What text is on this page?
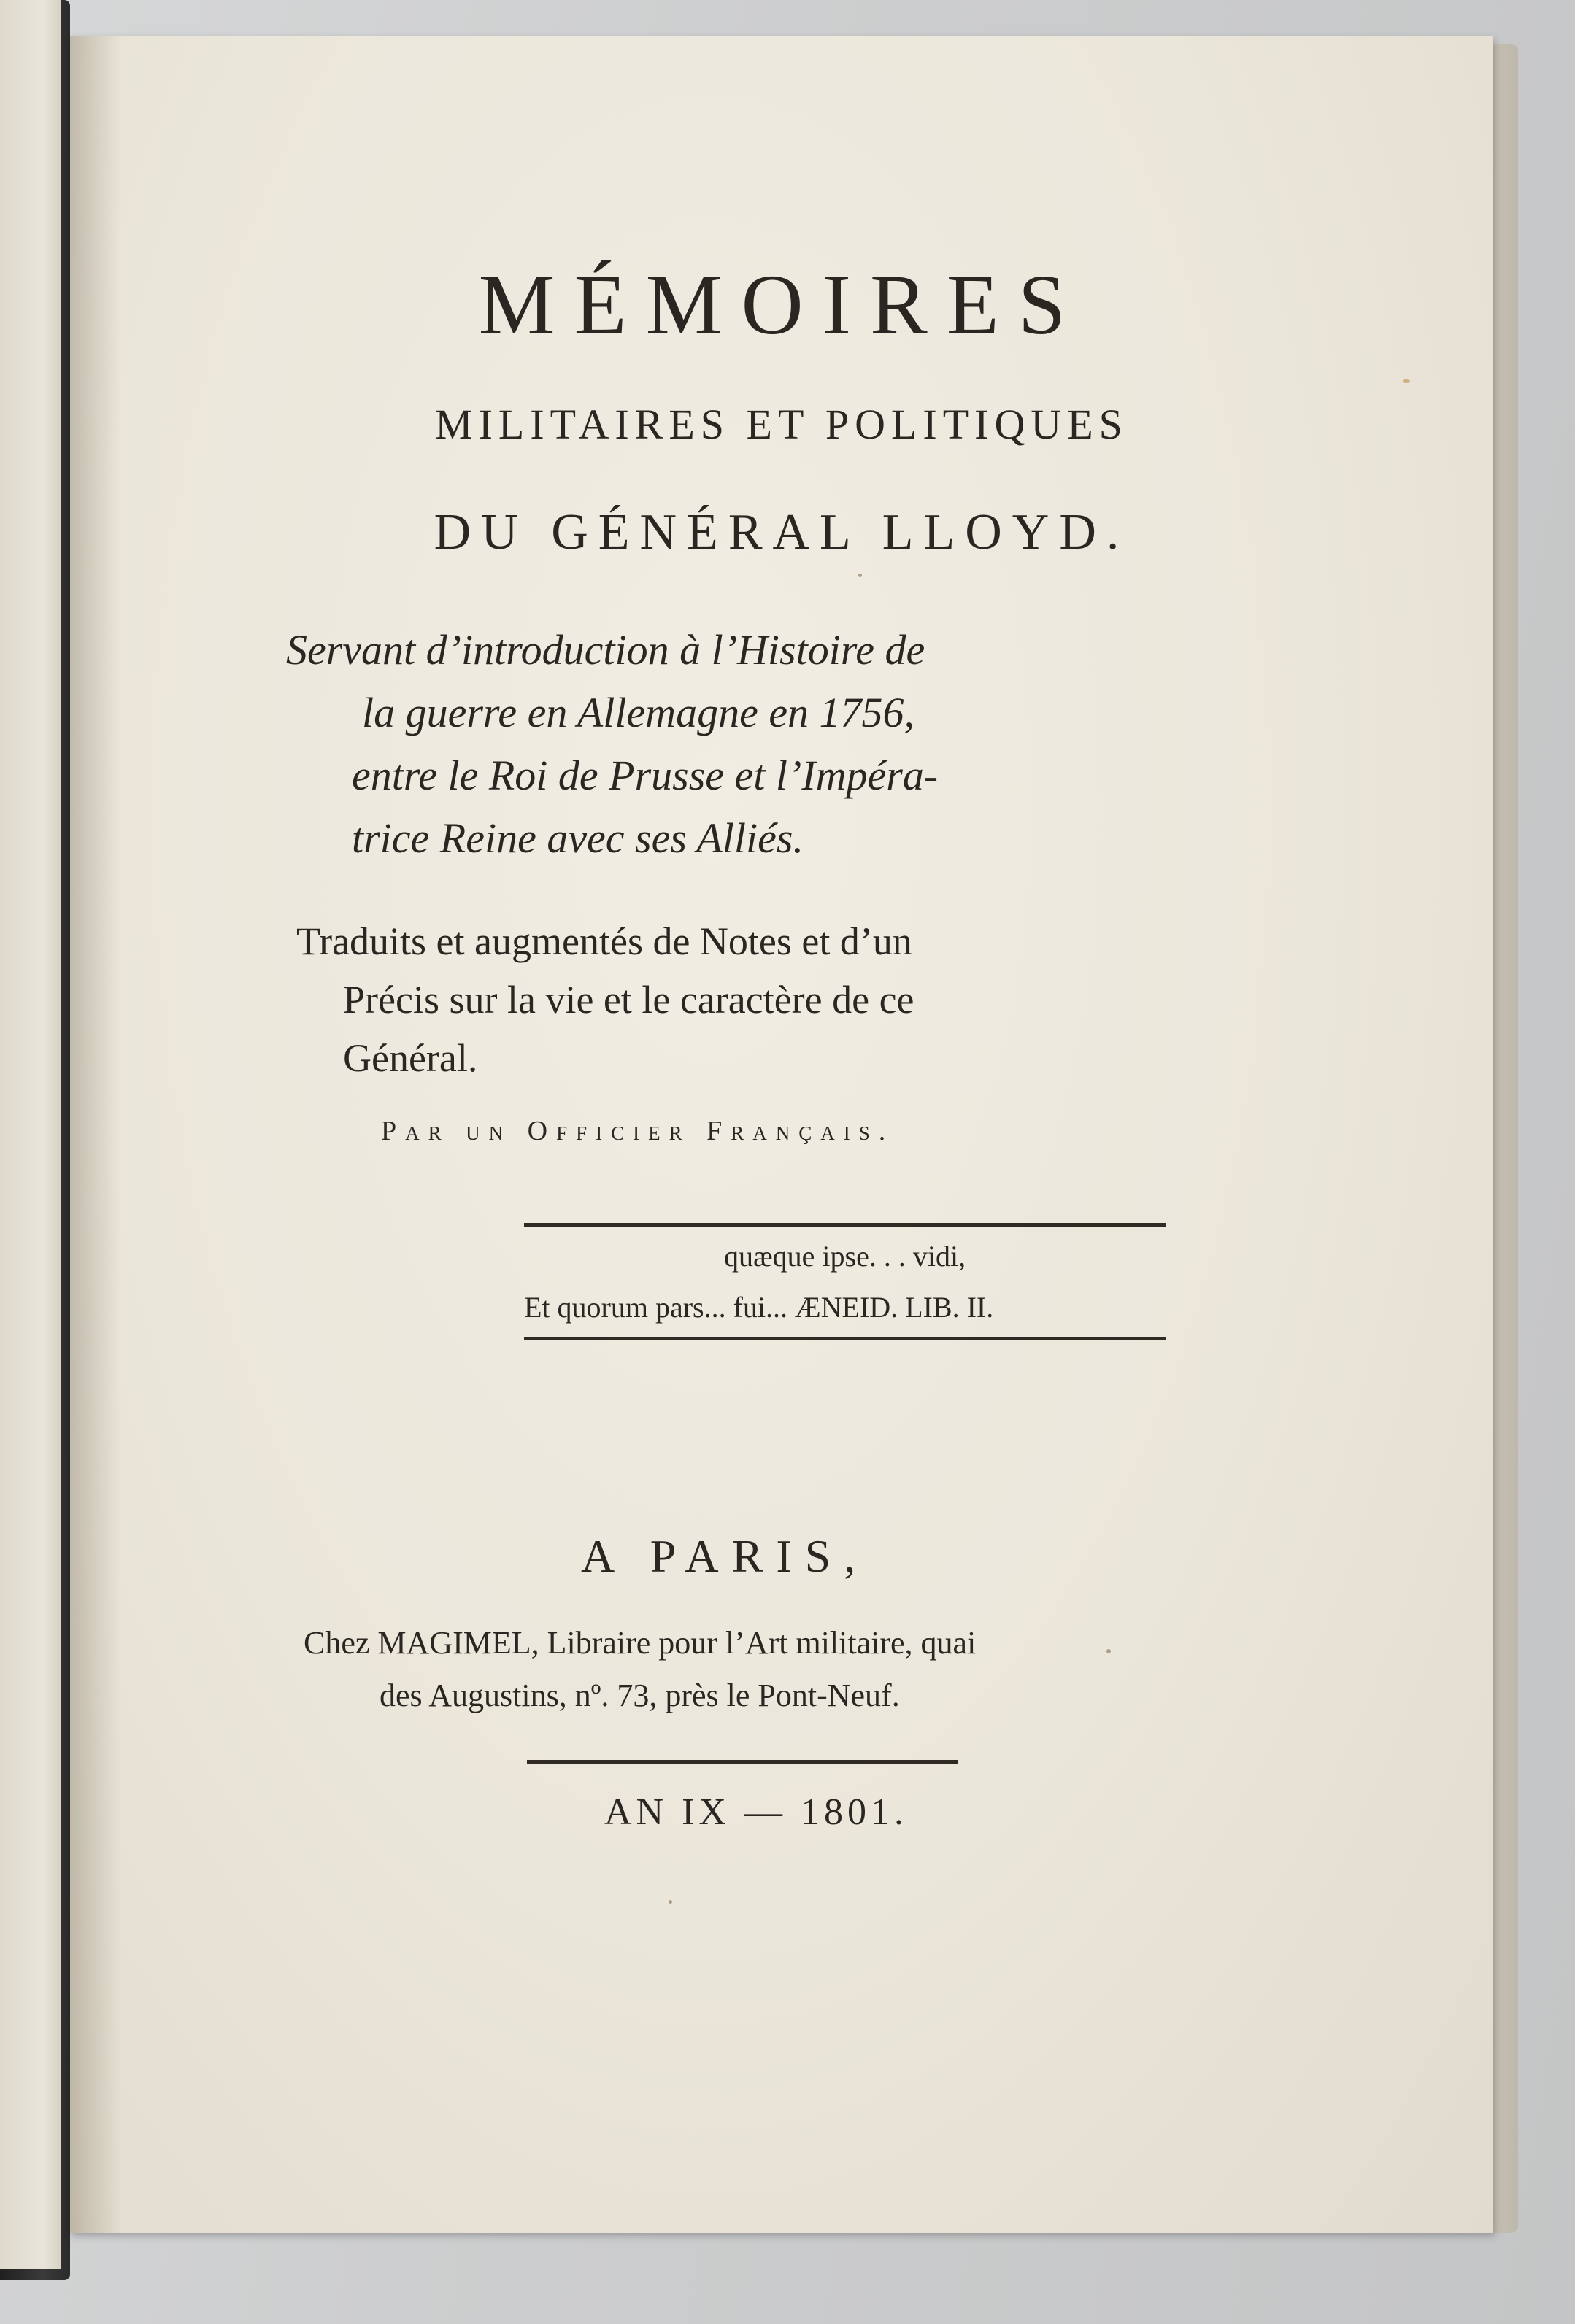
MÉMOIRES
MILITAIRES ET POLITIQUES
DU GÉNÉRAL LLOYD.
Servant d’introduction à l’Histoire de
la guerre en Allemagne en 1756,
entre le Roi de Prusse et l’Impéra-
trice Reine avec ses Alliés.
Traduits et augmentés de Notes et d’un
Précis sur la vie et le caractère de ce
Général.
Par un Officier Français.
quæque ipse. . . vidi,
Et quorum pars... fui... ÆNEID. LIB. II.
A PARIS,
Chez MAGIMEL, Libraire pour l’Art militaire, quai
des Augustins, nº. 73, près le Pont-Neuf.
AN IX — 1801.
